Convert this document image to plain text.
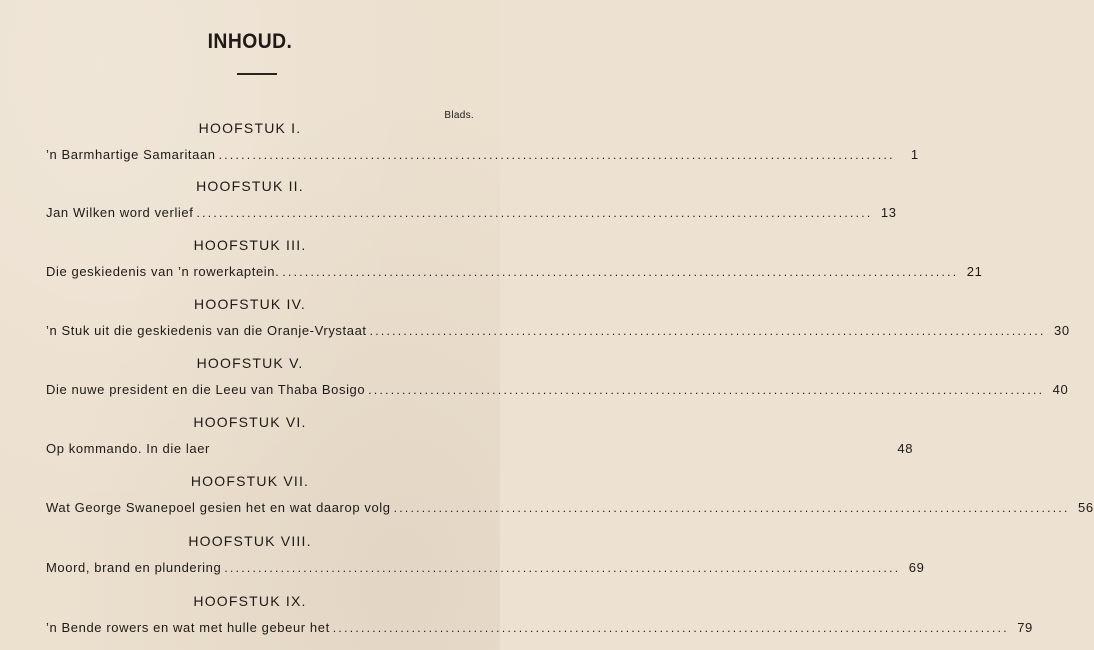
INHOUD.
Blads.
HOOFSTUK I.
’n Barmhartige Samaritaan ........................................................................................................................	1
HOOFSTUK II.
Jan Wilken word verlief ........................................................................................................................ 13
HOOFSTUK III.
Die geskiedenis van ’n rowerkaptein. ........................................................................................................................ 21
HOOFSTUK IV.
’n Stuk uit die geskiedenis van die Oranje-Vrystaat ........................................................................................................................ 30
HOOFSTUK V.
Die nuwe president en die Leeu van Thaba Bosigo ........................................................................................................................ 40
HOOFSTUK VI.
Op kommando. In die laer	48
HOOFSTUK VII.
Wat George Swanepoel gesien het en wat daarop volg ........................................................................................................................ 56
HOOFSTUK VIII.
Moord, brand en plundering ........................................................................................................................ 69
HOOFSTUK IX.
’n Bende rowers en wat met hulle gebeur het ........................................................................................................................ 79
